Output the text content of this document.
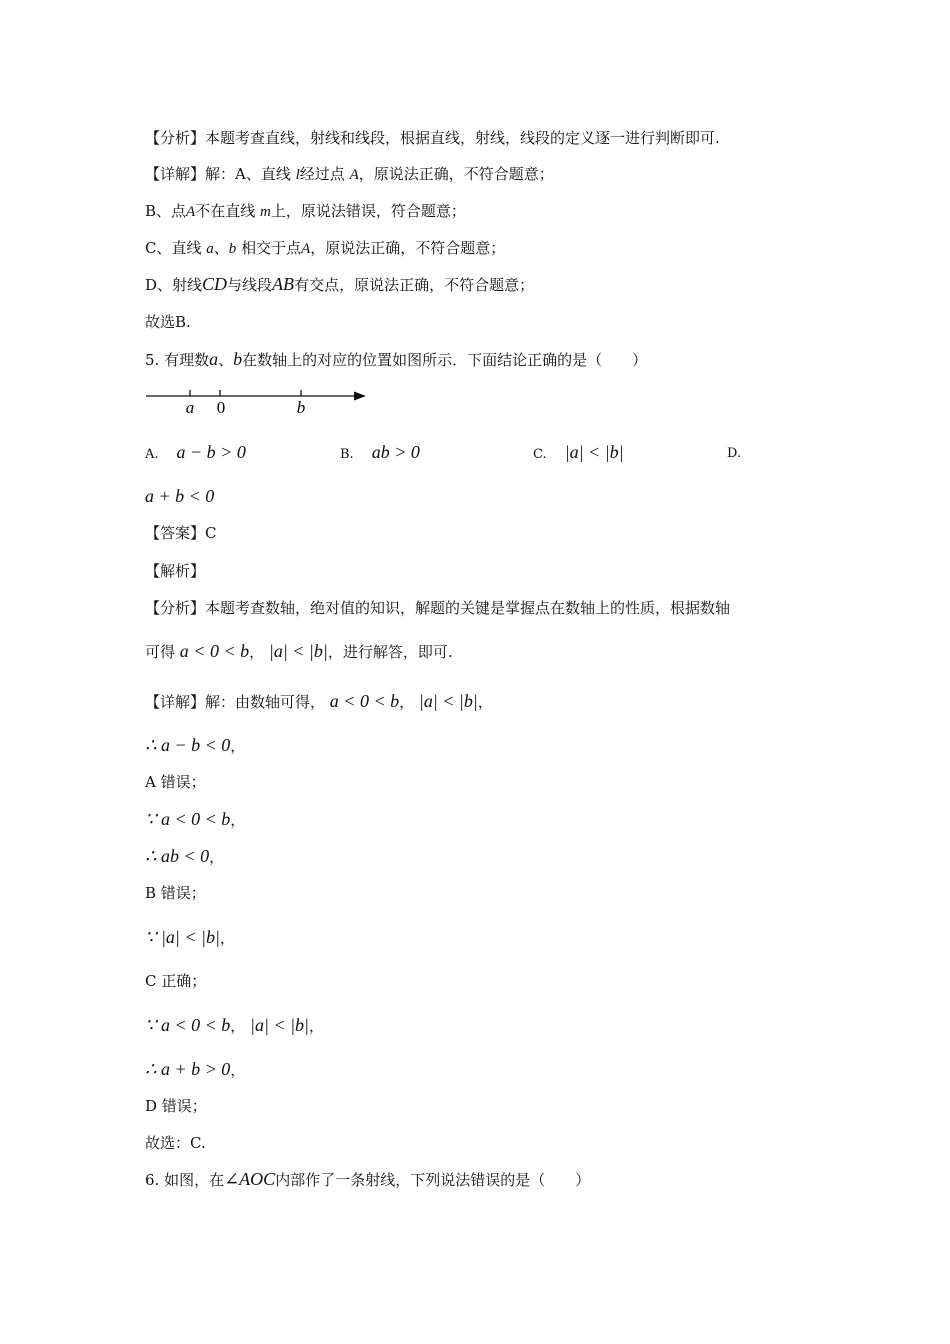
【分析】本题考查直线，射线和线段，根据直线，射线，线段的定义逐一进行判断即可.
【详解】解：A、直线 l经过点 A，原说法正确，不符合题意；
B、点A不在直线 m上，原说法错误，符合题意；
C、直线 a、b 相交于点A，原说法正确，不符合题意；
D、射线CD与线段AB有交点，原说法正确，不符合题意；
故选B.
5. 有理数a、b在数轴上的对应的位置如图所示．下面结论正确的是（　　）
a 0	b
A. a − b > 0	B. ab > 0	C. |a| < |b|	D.
a + b < 0
【答案】C
【解析】
【分析】本题考查数轴，绝对值的知识，解题的关键是掌握点在数轴上的性质，根据数轴
可得 a < 0 < b， |a| < |b|，进行解答，即可.
【详解】解：由数轴可得， a < 0 < b， |a| < |b|，
∴ a − b < 0，
A 错误；
∵ a < 0 < b，
∴ ab < 0，
B 错误；
∵ |a| < |b|，
C 正确；
∵ a < 0 < b， |a| < |b|，
∴ a + b > 0，
D 错误；
故选：C.
6. 如图，在∠AOC内部作了一条射线，下列说法错误的是（　　）
